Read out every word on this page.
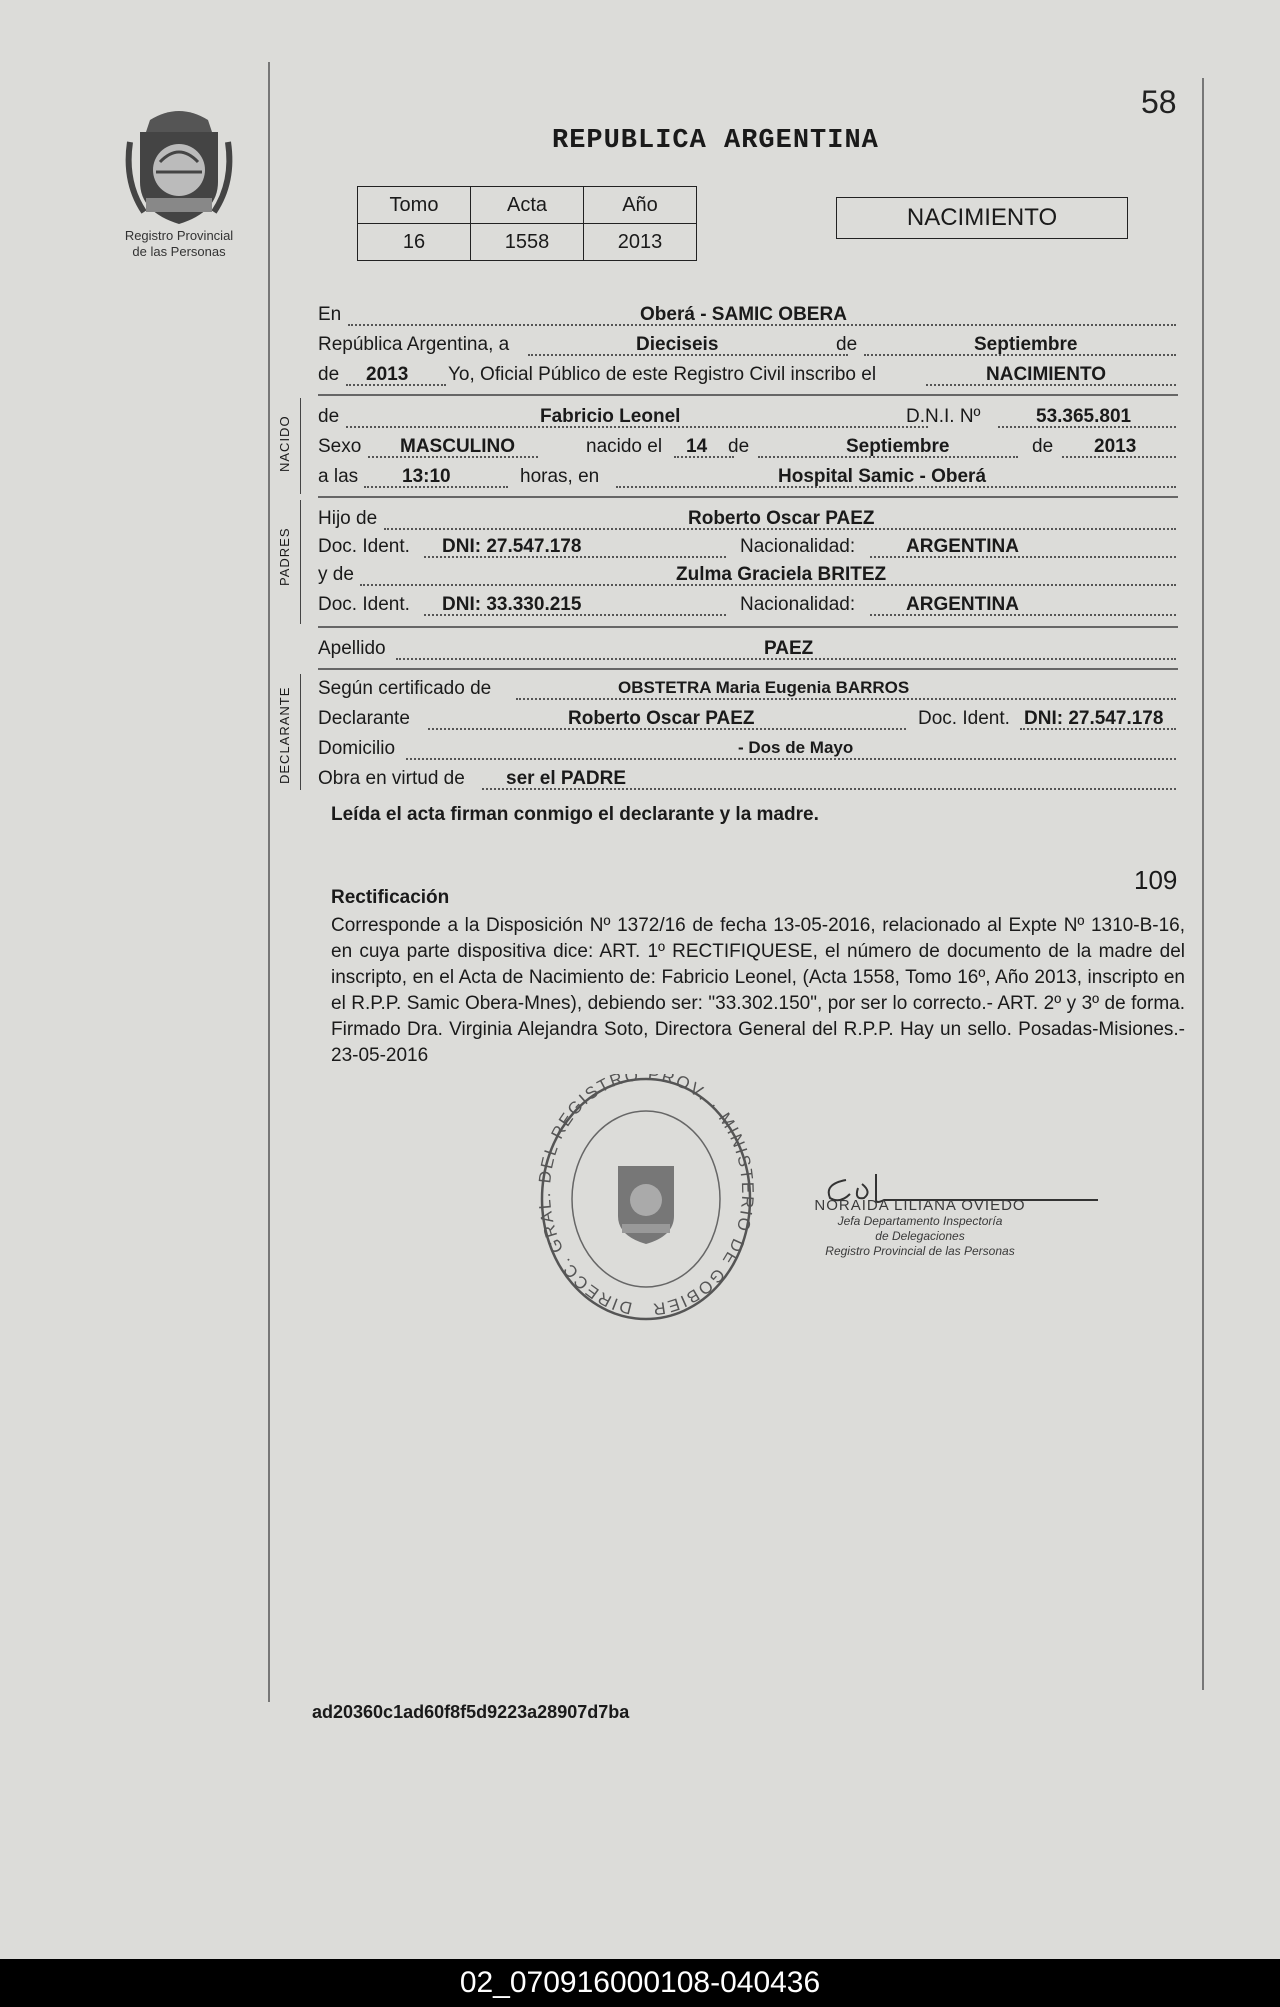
Registro Provincial
de las Personas
58
REPUBLICA ARGENTINA
Tomo	Acta	Año
16	1558	2013
NACIMIENTO
En	Oberá - SAMIC OBERA
República Argentina, a	Dieciseis	de	Septiembre
de 2013 Yo, Oficial Público de este Registro Civil inscribo el	NACIMIENTO
NACIDO de	Fabricio Leonel	D.N.I. Nº	53.365.801
Sexo MASCULINO	nacido el 14 de	Septiembre	de 2013
a las 13:10	horas, en	Hospital Samic - Oberá
PADRES
Hijo de	Roberto Oscar PAEZ
Doc. Ident. DNI: 27.547.178	Nacionalidad:	ARGENTINA
y de	Zulma Graciela BRITEZ
Doc. Ident. DNI: 33.330.215	Nacionalidad:	ARGENTINA
Apellido	PAEZ
DECLARANTE Según certificado de	OBSTETRA Maria Eugenia BARROS
Declarante	Roberto Oscar PAEZ	Doc. Ident. DNI: 27.547.178
Domicilio	- Dos de Mayo
Obra en virtud de ser el PADRE
Leída el acta firman conmigo el declarante y la madre.
109
Rectificación
Corresponde a la Disposición Nº 1372/16 de fecha 13-05-2016, relacionado al Expte Nº 1310-B-16, en cuya parte dispositiva dice: ART. 1º RECTIFIQUESE, el número de documento de la madre del inscripto, en el Acta de Nacimiento de: Fabricio Leonel, (Acta 1558, Tomo 16º, Año 2013, inscripto en el R.P.P. Samic Obera-Mnes), debiendo ser: "33.302.150", por ser lo correcto.- ART. 2º y 3º de forma. Firmado Dra. Virginia Alejandra Soto, Directora General del R.P.P. Hay un sello. Posadas-Misiones.- 23-05-2016
DIRECC. GRA EL REGISTRO PROV. · MINIS IO DE GOBIER
NORAIDA LILIANA OVIEDO
Jefa Departamento Inspectoría
de Delegaciones
Registro Provincial de las Personas
ad20360c1ad60f8f5d9223a28907d7ba
02_070916000108-040436
